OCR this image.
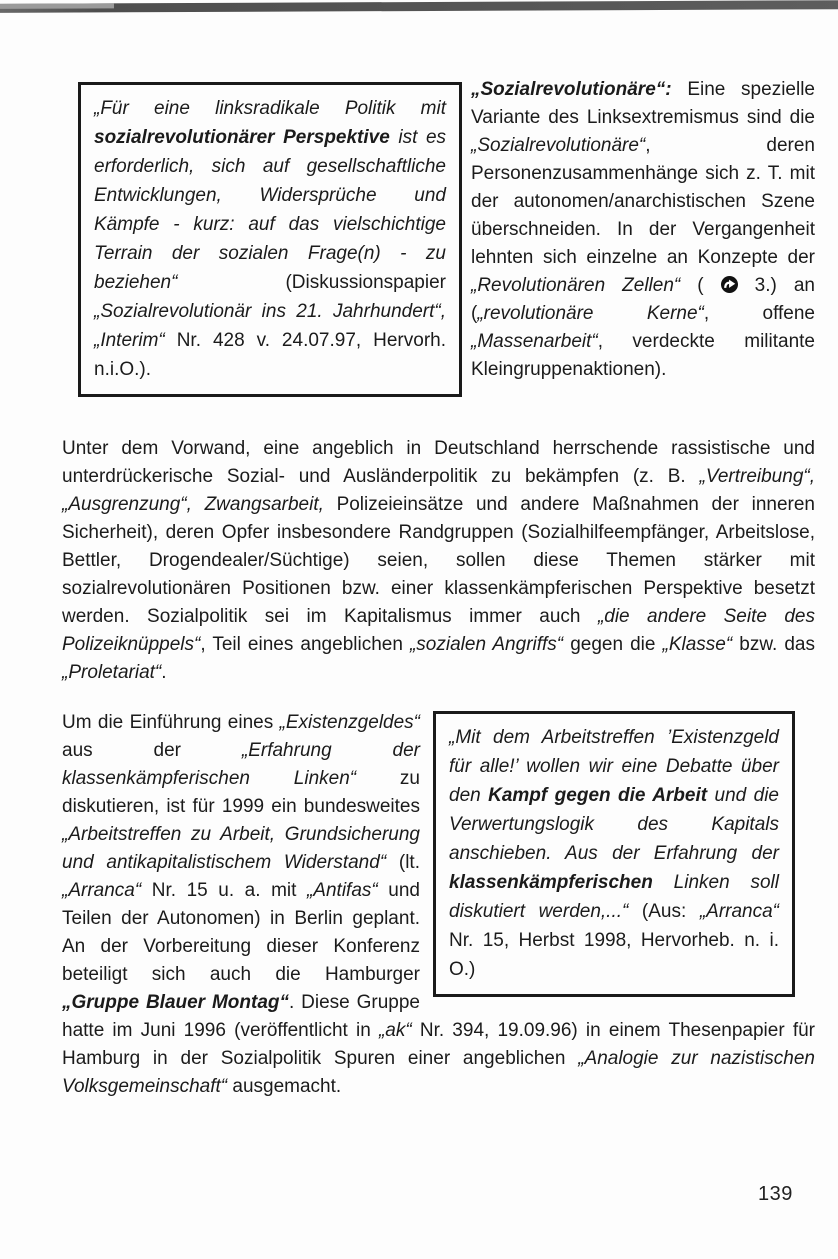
„Für eine linksradikale Politik mit sozialrevolutionärer Perspektive ist es erforderlich, sich auf gesellschaftliche Entwicklungen, Widersprüche und Kämpfe - kurz: auf das vielschichtige Terrain der sozialen Frage(n) - zu beziehen“ (Diskussionspapier „Sozialrevolutionär ins 21. Jahrhundert“, „Interim“ Nr. 428 v. 24.07.97, Hervorh. n.i.O.).

„Sozialrevolutionäre“: Eine spezielle Variante des Linksextremismus sind die „Sozialrevolutionäre“, deren Personenzusammenhänge sich z. T. mit der autonomen/anarchistischen Szene überschneiden. In der Vergangenheit lehnten sich einzelne an Konzepte der „Revolutionären Zellen“ (	3.) an („revolutionäre Kerne“, offene „Massenarbeit“, verdeckte militante Kleingruppenaktionen).

Unter dem Vorwand, eine angeblich in Deutschland herrschende rassistische und unterdrückerische Sozial- und Ausländerpolitik zu bekämpfen (z. B. „Vertreibung“, „Ausgrenzung“, Zwangsarbeit, Polizeieinsätze und andere Maßnahmen der inneren Sicherheit), deren Opfer insbesondere Randgruppen (Sozialhilfeempfänger, Arbeitslose, Bettler, Drogendealer/Süchtige) seien, sollen diese Themen stärker mit sozialrevolutionären Positionen bzw. einer klassenkämpferischen Perspektive besetzt werden. Sozialpolitik sei im Kapitalismus immer auch „die andere Seite des Polizeiknüppels“, Teil eines angeblichen „sozialen Angriffs“ gegen die „Klasse“ bzw. das „Proletariat“.

„Mit dem Arbeitstreffen ’Existenzgeld für alle!’ wollen wir eine Debatte über den Kampf gegen die Arbeit und die Verwertungslogik des Kapitals anschieben. Aus der Erfahrung der klassenkämpferischen Linken soll diskutiert werden,...“ (Aus: „Arranca“ Nr. 15, Herbst 1998, Hervorheb. n. i. O.)

Um die Einführung eines „Existenzgeldes“ aus der „Erfahrung der klassenkämpferischen Linken“ zu diskutieren, ist für 1999 ein bundesweites „Arbeitstreffen zu Arbeit, Grundsicherung und antikapitalistischem Widerstand“ (lt. „Arranca“ Nr. 15 u. a. mit „Antifas“ und Teilen der Autonomen) in Berlin geplant. An der Vorbereitung dieser Konferenz beteiligt sich auch die Hamburger „Gruppe Blauer Montag“. Diese Gruppe hatte im Juni 1996 (veröffentlicht in „ak“ Nr. 394, 19.09.96) in einem Thesenpapier für Hamburg in der Sozialpolitik Spuren einer angeblichen „Analogie zur nazistischen Volksgemeinschaft“ ausgemacht.

139
